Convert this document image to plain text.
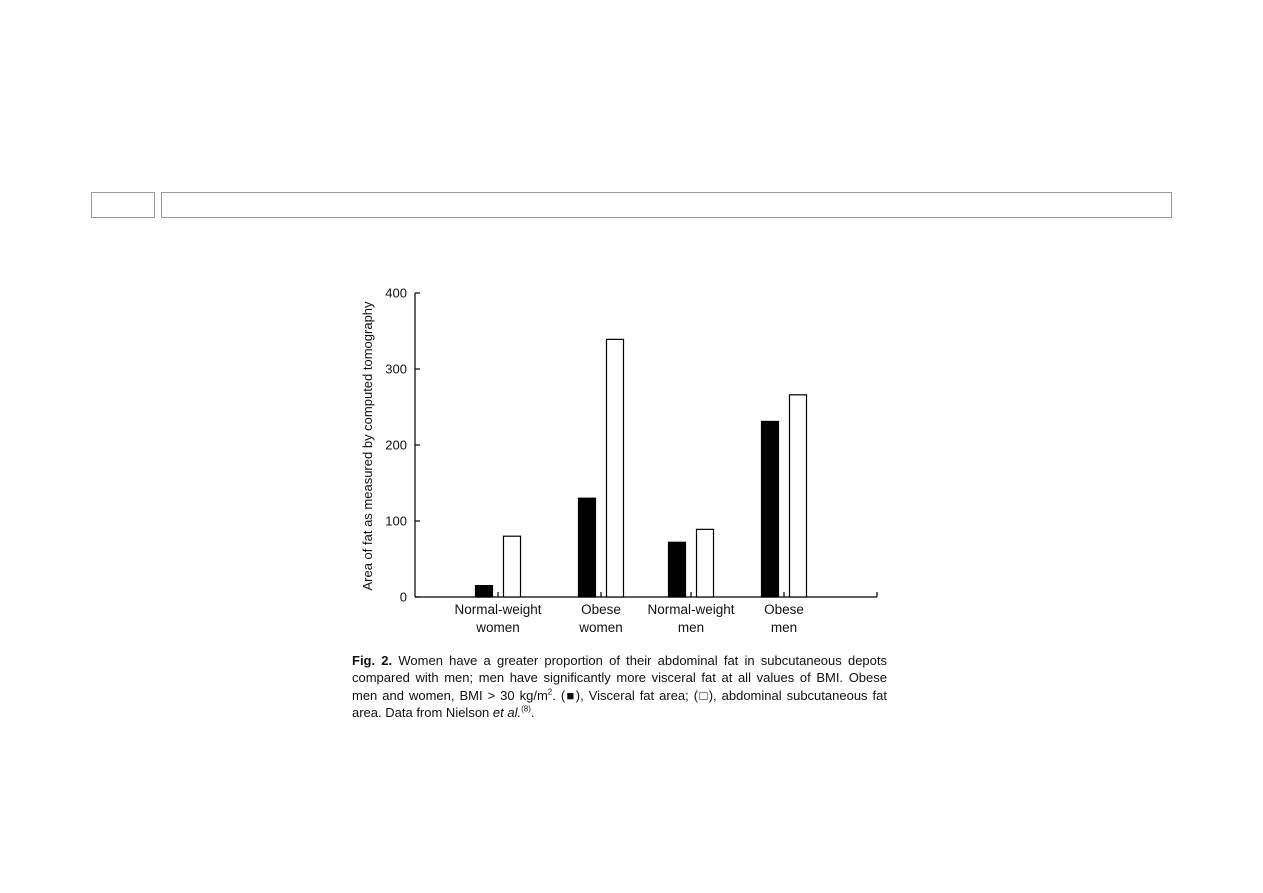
0
100
200
300
400
Area of fat as measured by computed tomography
Normal-weight
women
Obese
women
Normal-weight
men
Obese
men
Fig. 2. Women have a greater proportion of their abdominal fat in subcutaneous depots compared with men; men have significantly more visceral fat at all values of BMI. Obese men and women, BMI > 30 $kg/m^2$. (■), Visceral fat area; (□), abdominal subcutaneous fat area. Data from Nielson et al.$^{(8)}$.
